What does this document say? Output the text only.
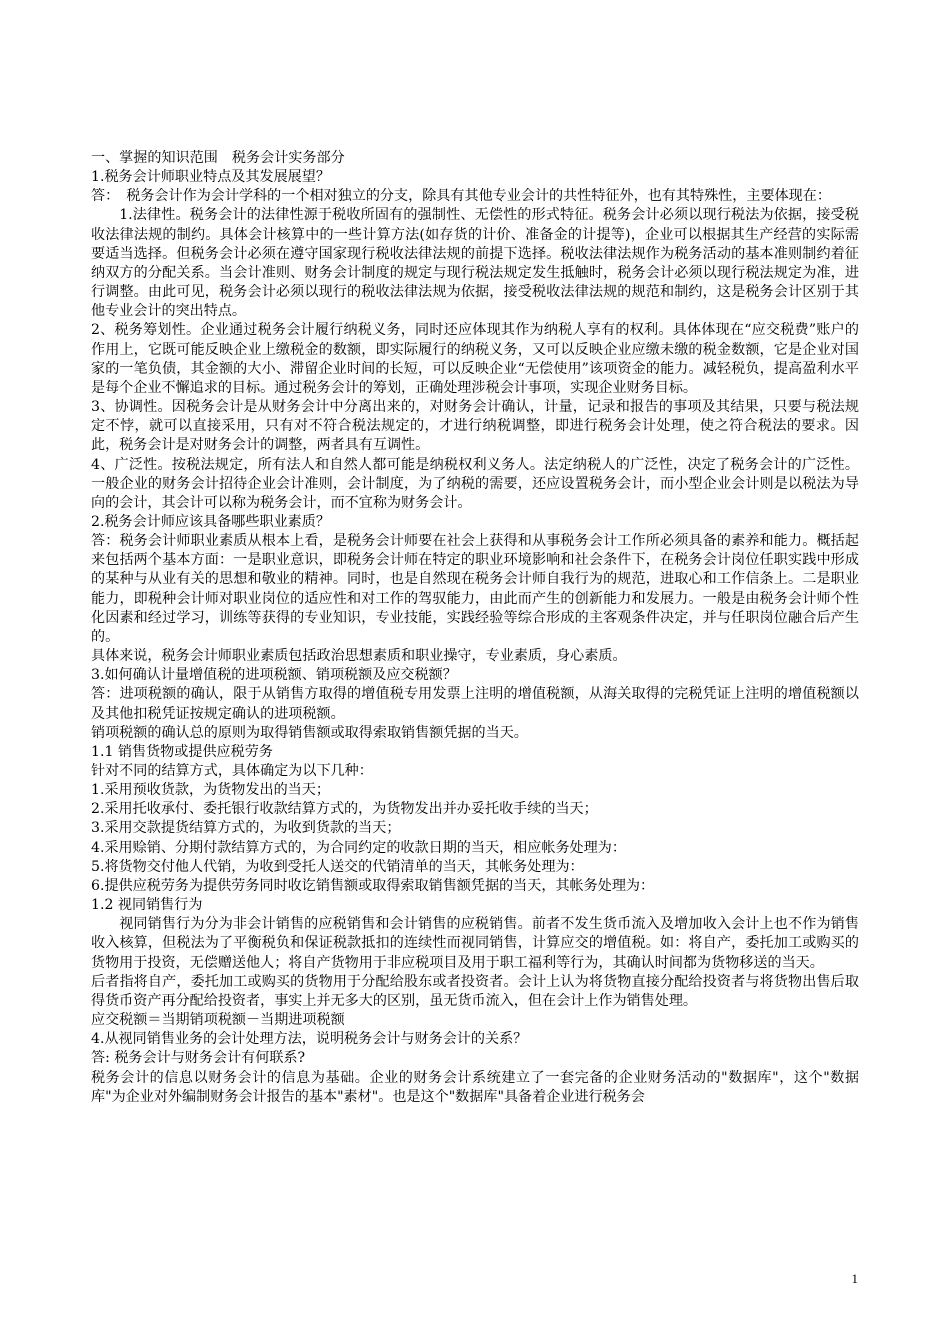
一、掌握的知识范围　税务会计实务部分

1.税务会计师职业特点及其发展展望？

答：　税务会计作为会计学科的一个相对独立的分支，除具有其他专业会计的共性特征外，也有其特殊性，主要体现在：

1.法律性。税务会计的法律性源于税收所固有的强制性、无偿性的形式特征。税务会计必须以现行税法为依据，接受税收法律法规的制约。具体会计核算中的一些计算方法(如存货的计价、准备金的计提等)，企业可以根据其生产经营的实际需要适当选择。但税务会计必须在遵守国家现行税收法律法规的前提下选择。税收法律法规作为税务活动的基本准则制约着征纳双方的分配关系。当会计准则、财务会计制度的规定与现行税法规定发生抵触时，税务会计必须以现行税法规定为准，进行调整。由此可见，税务会计必须以现行的税收法律法规为依据，接受税收法律法规的规范和制约，这是税务会计区别于其他专业会计的突出特点。

2、税务筹划性。企业通过税务会计履行纳税义务，同时还应体现其作为纳税人享有的权利。具体体现在“应交税费”账户的作用上，它既可能反映企业上缴税金的数额，即实际履行的纳税义务，又可以反映企业应缴未缴的税金数额，它是企业对国家的一笔负债，其金额的大小、滞留企业时间的长短，可以反映企业“无偿使用”该项资金的能力。减轻税负，提高盈利水平是每个企业不懈追求的目标。通过税务会计的筹划，正确处理涉税会计事项，实现企业财务目标。

3、协调性。因税务会计是从财务会计中分离出来的，对财务会计确认，计量，记录和报告的事项及其结果，只要与税法规定不悖，就可以直接采用，只有对不符合税法规定的，才进行纳税调整，即进行税务会计处理，使之符合税法的要求。因此，税务会计是对财务会计的调整，两者具有互调性。

4、广泛性。按税法规定，所有法人和自然人都可能是纳税权利义务人。法定纳税人的广泛性，决定了税务会计的广泛性。一般企业的财务会计招待企业会计准则，会计制度，为了纳税的需要，还应设置税务会计，而小型企业会计则是以税法为导向的会计，其会计可以称为税务会计，而不宜称为财务会计。

2.税务会计师应该具备哪些职业素质？

答：税务会计师职业素质从根本上看，是税务会计师要在社会上获得和从事税务会计工作所必须具备的素养和能力。概括起来包括两个基本方面：一是职业意识，即税务会计师在特定的职业环境影响和社会条件下，在税务会计岗位任职实践中形成的某种与从业有关的思想和敬业的精神。同时，也是自然现在税务会计师自我行为的规范，进取心和工作信条上。二是职业能力，即税种会计师对职业岗位的适应性和对工作的驾驭能力，由此而产生的创新能力和发展力。一般是由税务会计师个性化因素和经过学习，训练等获得的专业知识，专业技能，实践经验等综合形成的主客观条件决定，并与任职岗位融合后产生的。

具体来说，税务会计师职业素质包括政治思想素质和职业操守，专业素质，身心素质。

3.如何确认计量增值税的进项税额、销项税额及应交税额？

答：进项税额的确认，限于从销售方取得的增值税专用发票上注明的增值税额，从海关取得的完税凭证上注明的增值税额以及其他扣税凭证按规定确认的进项税额。

销项税额的确认总的原则为取得销售额或取得索取销售额凭据的当天。

1.1 销售货物或提供应税劳务

针对不同的结算方式，具体确定为以下几种：

1.采用预收货款，为货物发出的当天；

2.采用托收承付、委托银行收款结算方式的，为货物发出并办妥托收手续的当天；

3.采用交款提货结算方式的，为收到货款的当天；

4.采用赊销、分期付款结算方式的，为合同约定的收款日期的当天，相应帐务处理为：

5.将货物交付他人代销，为收到受托人送交的代销清单的当天，其帐务处理为：

6.提供应税劳务为提供劳务同时收讫销售额或取得索取销售额凭据的当天，其帐务处理为：

1.2 视同销售行为

视同销售行为分为非会计销售的应税销售和会计销售的应税销售。前者不发生货币流入及增加收入会计上也不作为销售收入核算，但税法为了平衡税负和保证税款抵扣的连续性而视同销售，计算应交的增值税。如：将自产，委托加工或购买的货物用于投资，无偿赠送他人；将自产货物用于非应税项目及用于职工福利等行为，其确认时间都为货物移送的当天。

后者指将自产，委托加工或购买的货物用于分配给股东或者投资者。会计上认为将货物直接分配给投资者与将货物出售后取得货币资产再分配给投资者，事实上并无多大的区别，虽无货币流入，但在会计上作为销售处理。

应交税额＝当期销项税额－当期进项税额

4.从视同销售业务的会计处理方法，说明税务会计与财务会计的关系？

答: 税务会计与财务会计有何联系?

税务会计的信息以财务会计的信息为基础。企业的财务会计系统建立了一套完备的企业财务活动的"数据库"，这个"数据库"为企业对外编制财务会计报告的基本"素材"。也是这个"数据库"具备着企业进行税务会

1
